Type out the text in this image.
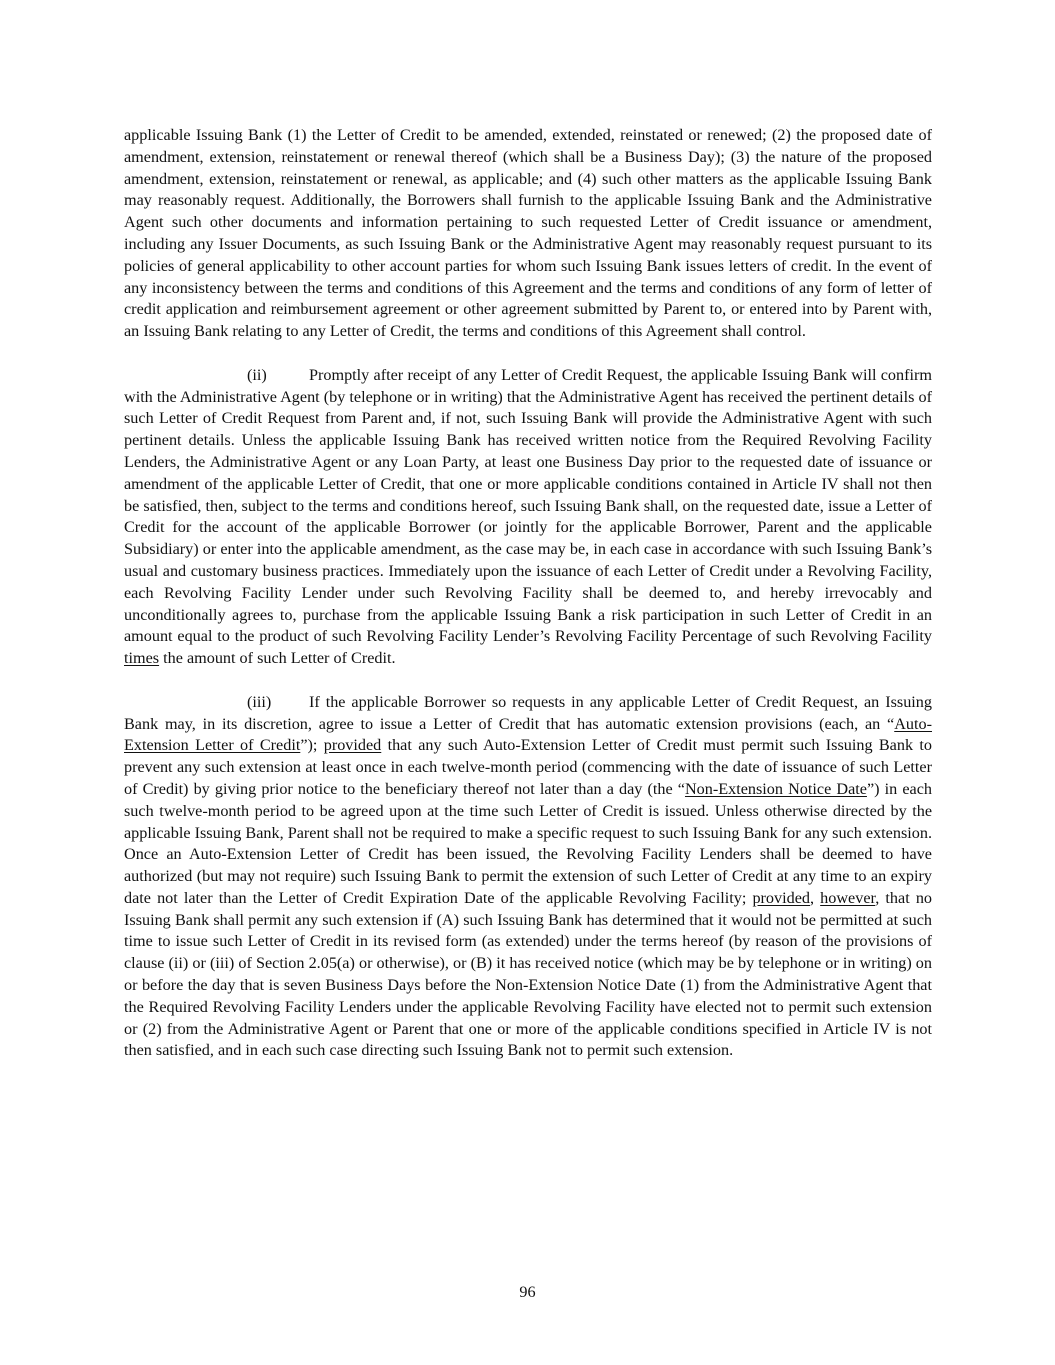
applicable Issuing Bank (1) the Letter of Credit to be amended, extended, reinstated or renewed; (2) the proposed date of amendment, extension, reinstatement or renewal thereof (which shall be a Business Day); (3) the nature of the proposed amendment, extension, reinstatement or renewal, as applicable; and (4) such other matters as the applicable Issuing Bank may reasonably request. Additionally, the Borrowers shall furnish to the applicable Issuing Bank and the Administrative Agent such other documents and information pertaining to such requested Letter of Credit issuance or amendment, including any Issuer Documents, as such Issuing Bank or the Administrative Agent may reasonably request pursuant to its policies of general applicability to other account parties for whom such Issuing Bank issues letters of credit. In the event of any inconsistency between the terms and conditions of this Agreement and the terms and conditions of any form of letter of credit application and reimbursement agreement or other agreement submitted by Parent to, or entered into by Parent with, an Issuing Bank relating to any Letter of Credit, the terms and conditions of this Agreement shall control.

(ii)	Promptly after receipt of any Letter of Credit Request, the applicable Issuing Bank will confirm with the Administrative Agent (by telephone or in writing) that the Administrative Agent has received the pertinent details of such Letter of Credit Request from Parent and, if not, such Issuing Bank will provide the Administrative Agent with such pertinent details. Unless the applicable Issuing Bank has received written notice from the Required Revolving Facility Lenders, the Administrative Agent or any Loan Party, at least one Business Day prior to the requested date of issuance or amendment of the applicable Letter of Credit, that one or more applicable conditions contained in Article IV shall not then be satisfied, then, subject to the terms and conditions hereof, such Issuing Bank shall, on the requested date, issue a Letter of Credit for the account of the applicable Borrower (or jointly for the applicable Borrower, Parent and the applicable Subsidiary) or enter into the applicable amendment, as the case may be, in each case in accordance with such Issuing Bank’s usual and customary business practices. Immediately upon the issuance of each Letter of Credit under a Revolving Facility, each Revolving Facility Lender under such Revolving Facility shall be deemed to, and hereby irrevocably and unconditionally agrees to, purchase from the applicable Issuing Bank a risk participation in such Letter of Credit in an amount equal to the product of such Revolving Facility Lender’s Revolving Facility Percentage of such Revolving Facility times the amount of such Letter of Credit.

(iii) If the applicable Borrower so requests in any applicable Letter of Credit Request, an Issuing Bank may, in its discretion, agree to issue a Letter of Credit that has automatic extension provisions (each, an “Auto-Extension Letter of Credit”); provided that any such Auto-Extension Letter of Credit must permit such Issuing Bank to prevent any such extension at least once in each twelve-month period (commencing with the date of issuance of such Letter of Credit) by giving prior notice to the beneficiary thereof not later than a day (the “Non-Extension Notice Date”) in each such twelve-month period to be agreed upon at the time such Letter of Credit is issued. Unless otherwise directed by the applicable Issuing Bank, Parent shall not be required to make a specific request to such Issuing Bank for any such extension. Once an Auto-Extension Letter of Credit has been issued, the Revolving Facility Lenders shall be deemed to have authorized (but may not require) such Issuing Bank to permit the extension of such Letter of Credit at any time to an expiry date not later than the Letter of Credit Expiration Date of the applicable Revolving Facility; provided, however, that no Issuing Bank shall permit any such extension if (A) such Issuing Bank has determined that it would not be permitted at such time to issue such Letter of Credit in its revised form (as extended) under the terms hereof (by reason of the provisions of clause (ii) or (iii) of Section 2.05(a) or otherwise), or (B) it has received notice (which may be by telephone or in writing) on or before the day that is seven Business Days before the Non-Extension Notice Date (1) from the Administrative Agent that the Required Revolving Facility Lenders under the applicable Revolving Facility have elected not to permit such extension or (2) from the Administrative Agent or Parent that one or more of the applicable conditions specified in Article IV is not then satisfied, and in each such case directing such Issuing Bank not to permit such extension.

96
